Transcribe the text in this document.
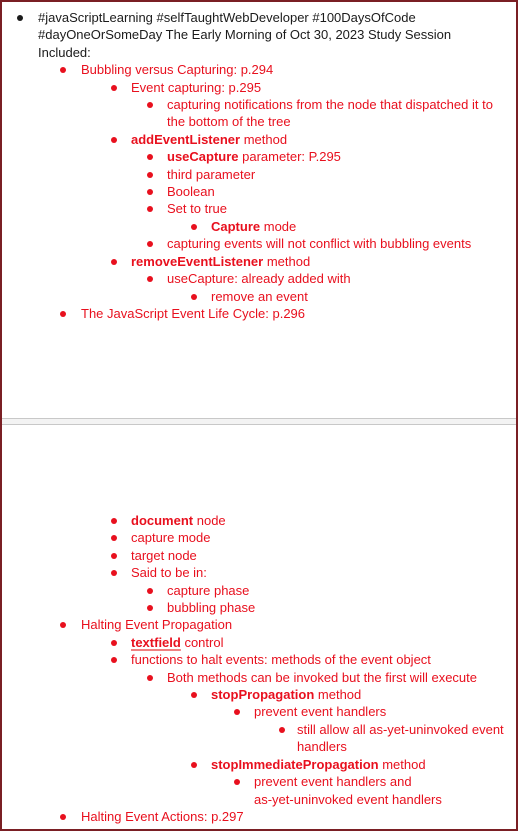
#javaScriptLearning #selfTaughtWebDeveloper #100DaysOfCode
#dayOneOrSomeDay The Early Morning of Oct 30, 2023 Study Session
Included:
Bubbling versus Capturing: p.294
Event capturing: p.295
capturing notifications from the node that dispatched it to
the bottom of the tree
addEventListener method
useCapture parameter: P.295
third parameter
Boolean
Set to true
Capture mode
capturing events will not conflict with bubbling events
removeEventListener method
useCapture: already added with
remove an event
The JavaScript Event Life Cycle: p.296
document node
capture mode
target node
Said to be in:
capture phase
bubbling phase
Halting Event Propagation
textfield control
functions to halt events: methods of the event object
Both methods can be invoked but the first will execute
stopPropagation method
prevent event handlers
still allow all as-yet-uninvoked event
handlers
stopImmediatePropagation method
prevent event handlers and
as-yet-uninvoked event handlers
Halting Event Actions: p.297
